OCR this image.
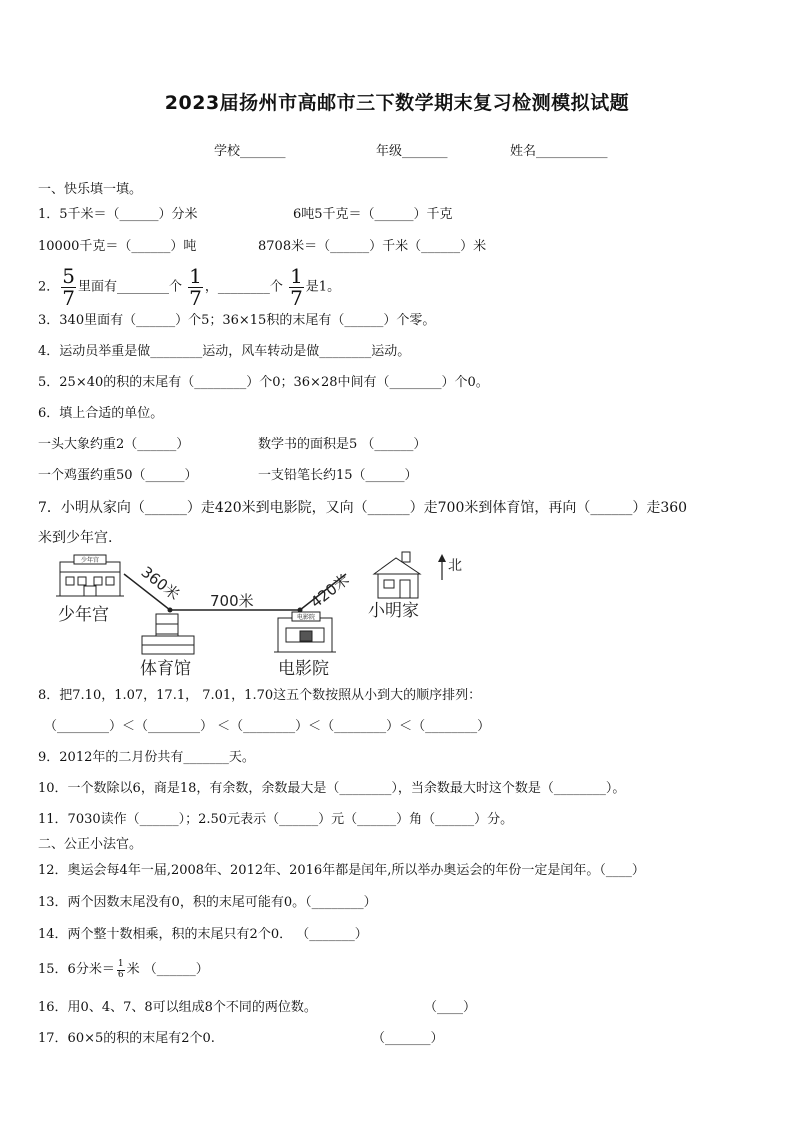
2023届扬州市高邮市三下数学期末复习检测模拟试题
学校_______	年级_______	姓名___________
一、快乐填一填。
1．5千米＝（______）分米	6吨5千克＝（______）千克
10000千克＝（______）吨	8708米＝（______）千米（______）米
2． $\frac{5}{7}$ 里面有________个 $\frac{1}{7}$ ，________个 $\frac{1}{7}$ 是1。
3．340里面有（______）个5；36×15积的末尾有（______）个零。
4．运动员举重是做________运动，风车转动是做________运动。
5．25×40的积的末尾有（________）个0；36×28中间有（________）个0。
6．填上合适的单位。
一头大象约重2（______）	数学书的面积是5 （______）
一个鸡蛋约重50（______）	一支铅笔长约15（______）
7．小明从家向（______）走420米到电影院，又向（______）走700米到体育馆，再向（______）走360
米到少年宫.
少年宫
少年宫
360米 700米	420米
体育馆
电影院
电影院
小明家
北
8．把7.10，1.07，17.1， 7.01，1.70这五个数按照从小到大的顺序排列：
（________）＜（________） ＜（________）＜（________）＜（________）
9．2012年的二月份共有_______天。
10．一个数除以6，商是18，有余数，余数最大是（________），当余数最大时这个数是（________）。
11．7030读作（______）；2.50元表示（______）元（______）角（______）分。
二、公正小法官。
12．奥运会每4年一届,2008年、2012年、2016年都是闰年,所以举办奥运会的年份一定是闰年。（____）
13．两个因数末尾没有0，积的末尾可能有0。（________）
14．两个整十数相乘，积的末尾只有2个0． （_______）
15．6分米＝ $\frac{1}{6}$ 米 （______）
16．用0、4、7、8可以组成8个不同的两位数。	（____）
17．60×5的积的末尾有2个0.	（_______）
